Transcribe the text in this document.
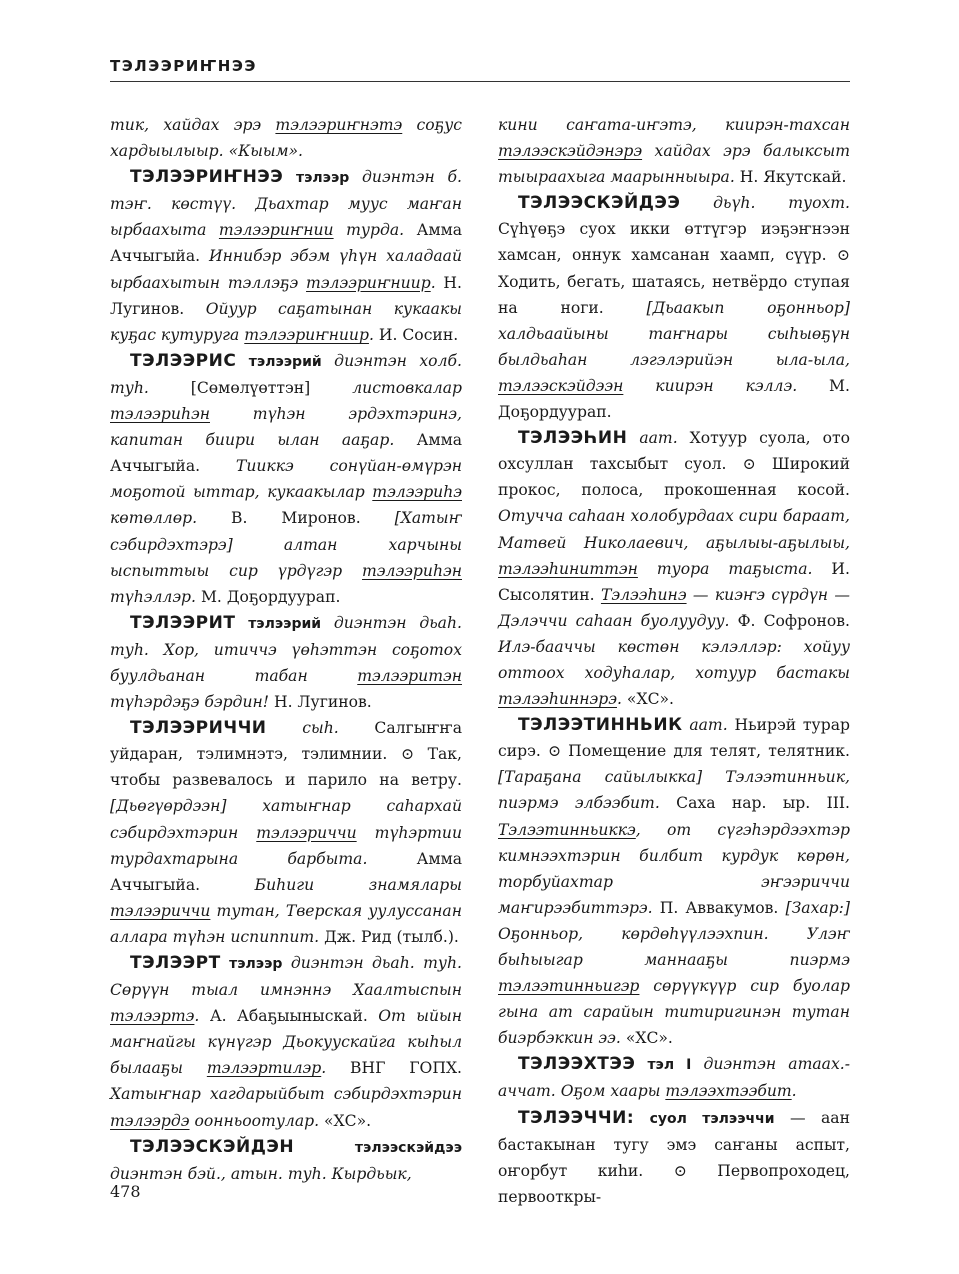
ТЭЛЭЭРИҤНЭЭ

тик, хайдах эрэ тэлээриҥнэтэ соҕус хардыылыыр. «Кыым».

ТЭЛЭЭРИҤНЭЭ тэлээр диэнтэн б. тэҥ. көстүү. Дьахтар муус маҥан ырбаахыта тэлээриҥнии турда. Амма Аччыгыйа. Иннибэр эбэм үһүн халадаай ырбаахытын тэллэҕэ тэлээриҥниир. Н. Лугинов. Ойуур саҕатынан кукаакы куҕас кутуруга тэлээриҥниир. И. Сосин.

ТЭЛЭЭРИС тэлээрий диэнтэн холб. туһ. [Сөмөлүөттэн] листовкалар тэлээриһэн түһэн эрдэхтэринэ, капитан биири ылан ааҕар. Амма Аччыгыйа. Тииккэ сонүйан-өмүрэн моҕотой ыттар, кукаакылар тэлээриһэ көтөллөр. В. Миронов. [Хатыҥ сэбирдэхтэрэ] алтан харчыны ыспыттыы сир үрдүгэр тэлээриһэн түһэллэр. М. Доҕордуурап.

ТЭЛЭЭРИТ тэлээрий диэнтэн дьаһ. туһ. Хор, итиччэ үөһэттэн соҕотох буулдьанан табан тэлээритэн түһэрдэҕэ бэрдин! Н. Лугинов.

ТЭЛЭЭРИЧЧИ сыһ. Салгыҥҥа уйдаран, тэлимнэтэ, тэлимнии. ⊙ Так, чтобы развевалось и парило на ветру. [Дьөгүөрдээн] хатыҥнар саһархай сэбирдэхтэрин тэлээриччи түһэртии турдахтарына барбыта. Амма Аччыгыйа. Биһиги знамялары тэлээриччи тутан, Тверская уулуссанан аллара түһэн испиппит. Дж. Рид (тылб.).

ТЭЛЭЭРТ тэлээр диэнтэн дьаһ. туһ. Сөрүүн тыал имнэннэ Хаалтыспын тэлээртэ. А. Абаҕыыныскай. От ыйын маҥнайгы күнүгэр Дьокуускайга кыһыл былааҕы тэлээртилэр. ВНГ ГОПХ. Хатыҥнар хагдарыйбыт сэбирдэхтэрин тэлээрдэ оонньоотулар. «ХС».

ТЭЛЭЭСКЭЙДЭН	тэлээскэйдээ диэнтэн бэй., атын. туһ. Кырдьык,

кини саҥата-иҥэтэ, киирэн-тахсан тэлээскэйдэнэрэ хайдах эрэ балыксыт тыыраахыга маарынныыра. Н. Якутскай.

ТЭЛЭЭСКЭЙДЭЭ дьүһ. туохт. Сүһүөҕэ суох икки өттүгэр иэҕэҥнээн хамсан, оннук хамсанан хаамп, сүүр. ⊙ Ходить, бегать, шатаясь, нетвёрдо ступая на ноги. [Дьаакып оҕонньор] халдьаайыны таҥнары сыһыөҕүн былдьаһан лэгэлэрийэн ыла-ыла, тэлээскэйдээн киирэн кэллэ. М. Доҕордуурап.

ТЭЛЭЭҺИН аат. Хотуур суола, ото охсуллан тахсыбыт суол. ⊙ Широкий прокос, полоса, прокошенная косой. Отучча саһаан холобурдаах сири бараат, Матвей Николаевич, аҕылыы-аҕылыы, тэлээһиниттэн туора таҕыста. И. Сысолятин. Тэлээһинэ — киэҥэ сүрдүн — Дэлэччи саһаан буолуудуу. Ф. Софронов. Илэ-бааччы көстөн кэлэллэр: хойуу оттоох ходуһалар, хотуур бастакы тэлээһиннэрэ. «ХС».

ТЭЛЭЭТИННЬИК аат. Ньирэй турар сирэ. ⊙ Помещение для телят, телятник. [Тараҕана сайылыкка] Тэлээтинньик, пиэрмэ элбээбит. Саха нар. ыр. III. Тэлээтинньиккэ, от сүгэһэрдээхтэр кимнээхтэрин билбит курдук көрөн, торбуйахтар эҥээриччи маҥирээбиттэрэ. П. Аввакумов. [Захар:] Оҕонньор, көрдөһүүлээхпин. Улэҥ быһыыгар маннааҕы пиэрмэ тэлээтинньигэр сөрүүкүүр сир буолар гына ат сарайын титиригинэн тутан биэрбэккин ээ. «ХС».

ТЭЛЭЭХТЭЭ тэл I диэнтэн атаах.-аччат. Оҕом хаары тэлээхтээбит.

ТЭЛЭЭЧЧИ: суол тэлээччи — аан бастакынан тугу эмэ саҥаны аспыт, оҥорбут киһи. ⊙ Первопроходец, первооткры-

478
